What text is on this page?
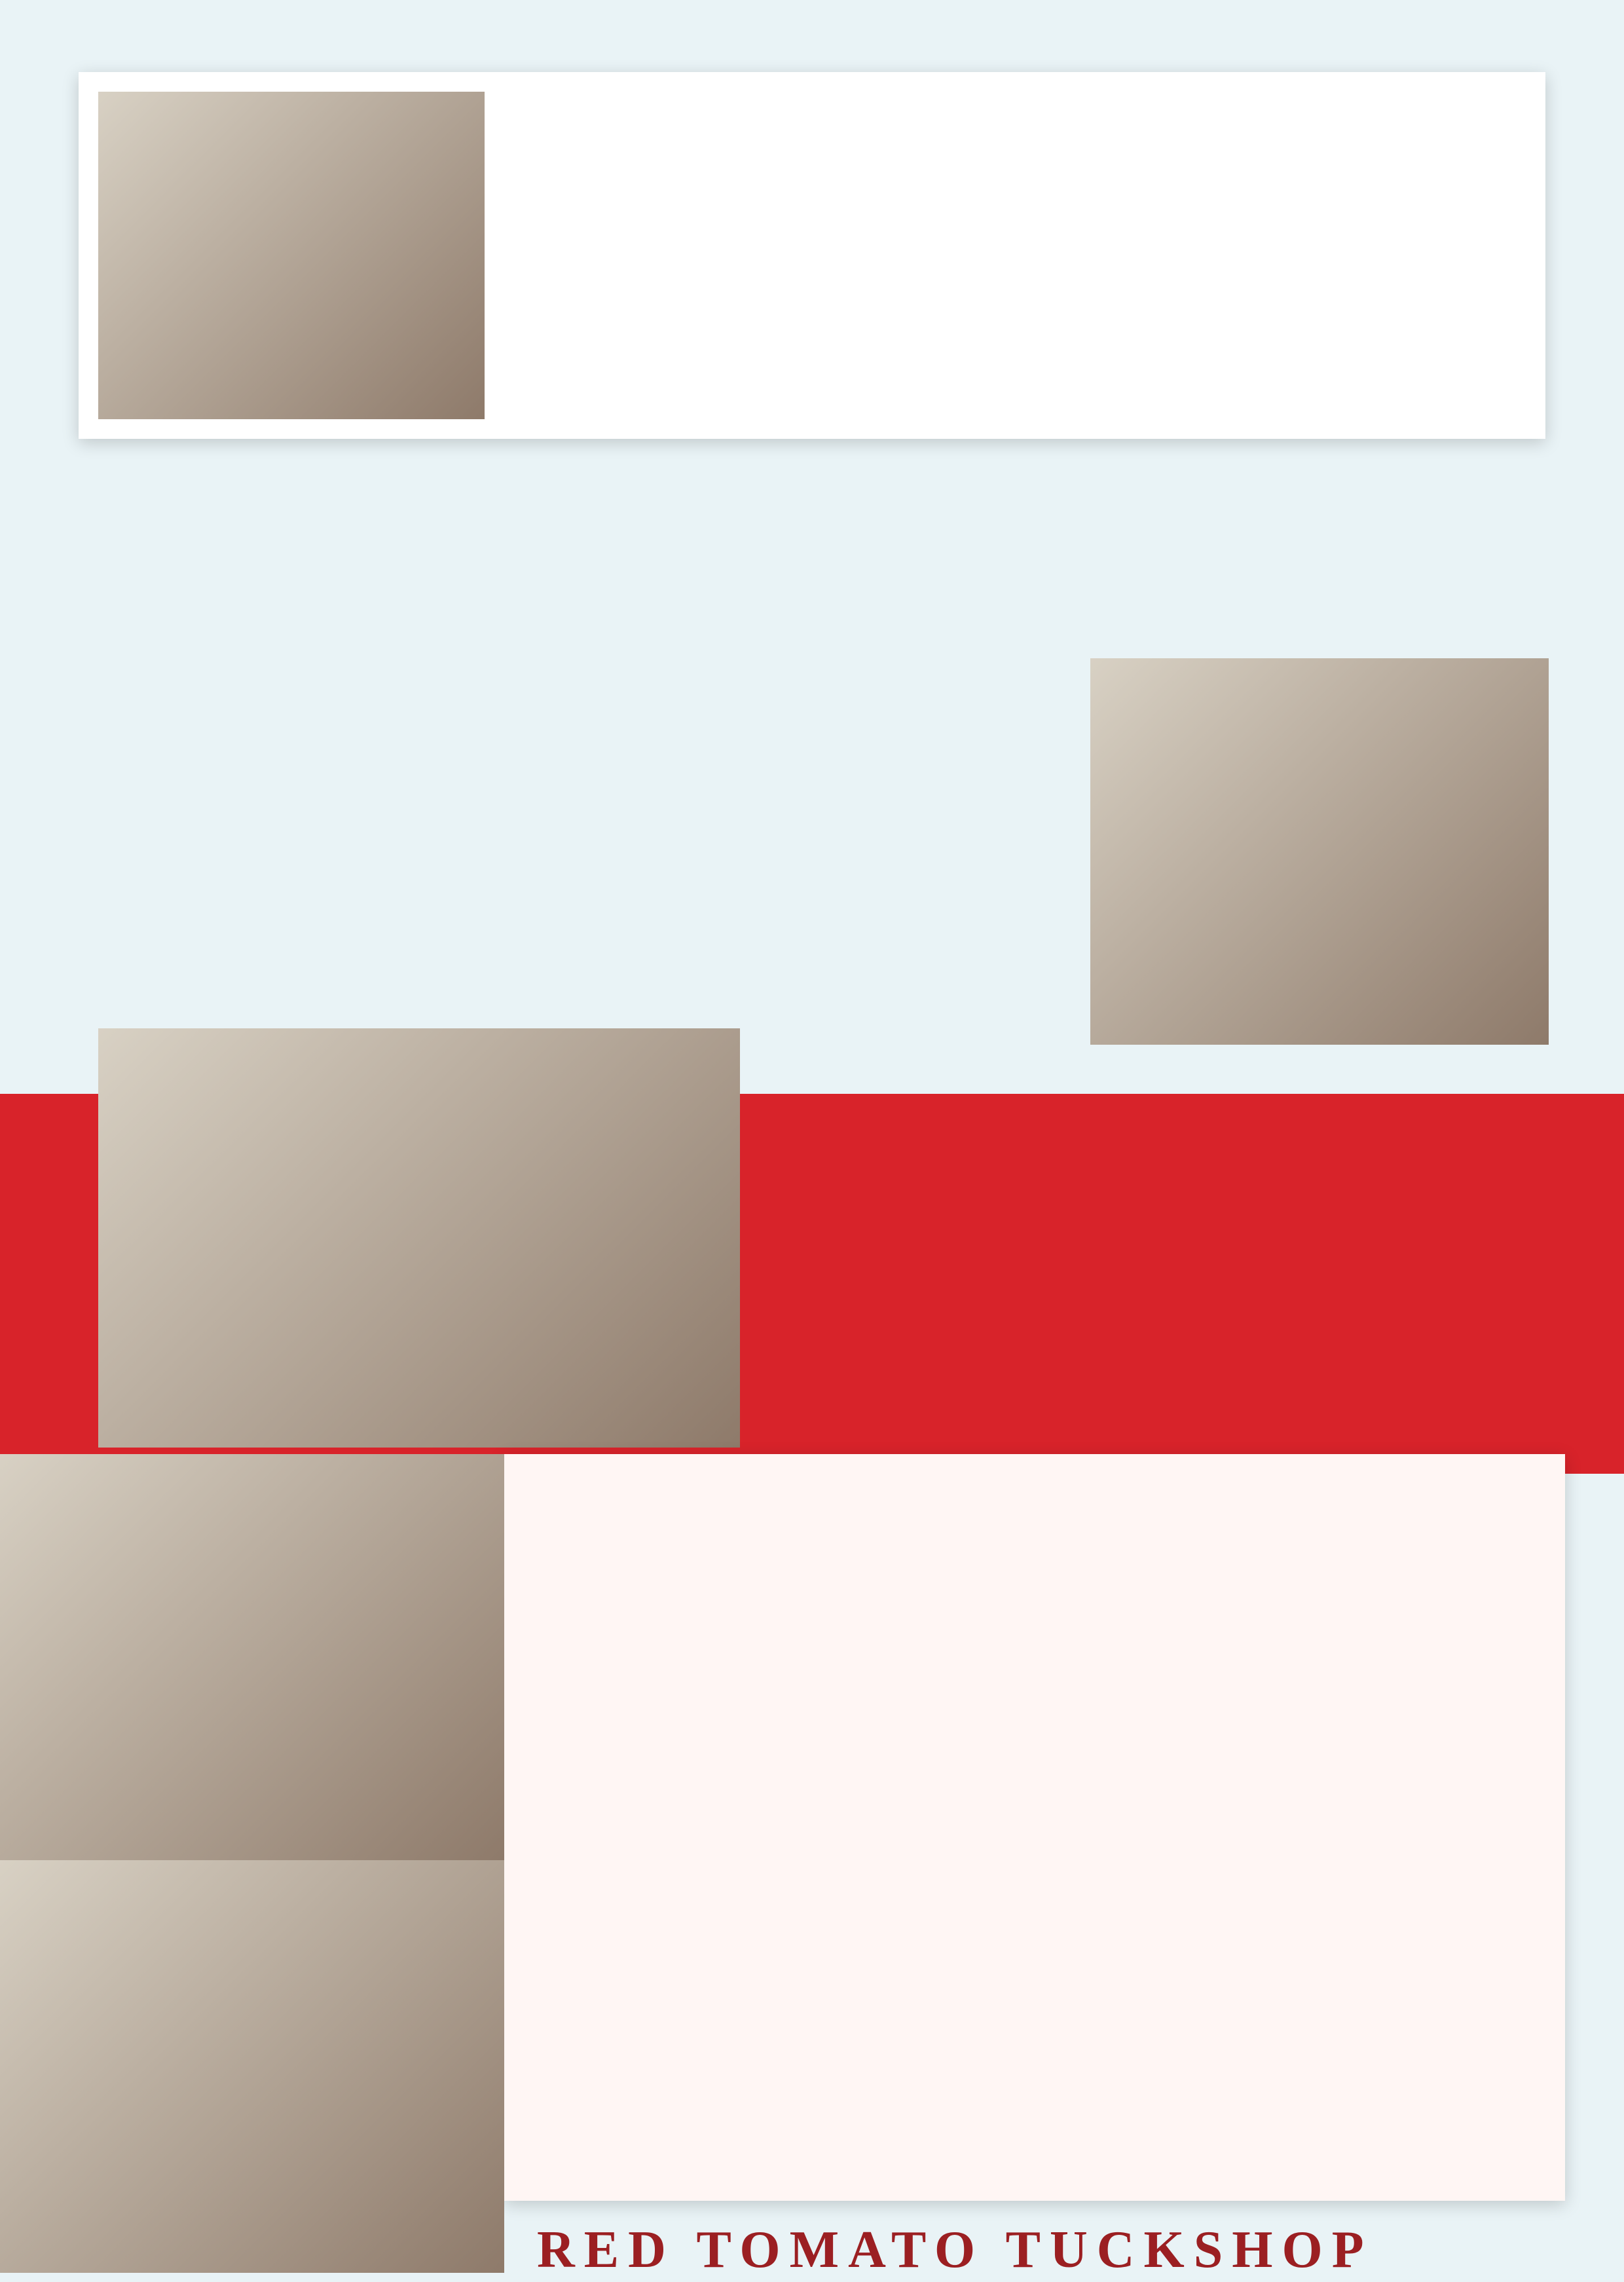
RED TOMATO TUCKSHOP
